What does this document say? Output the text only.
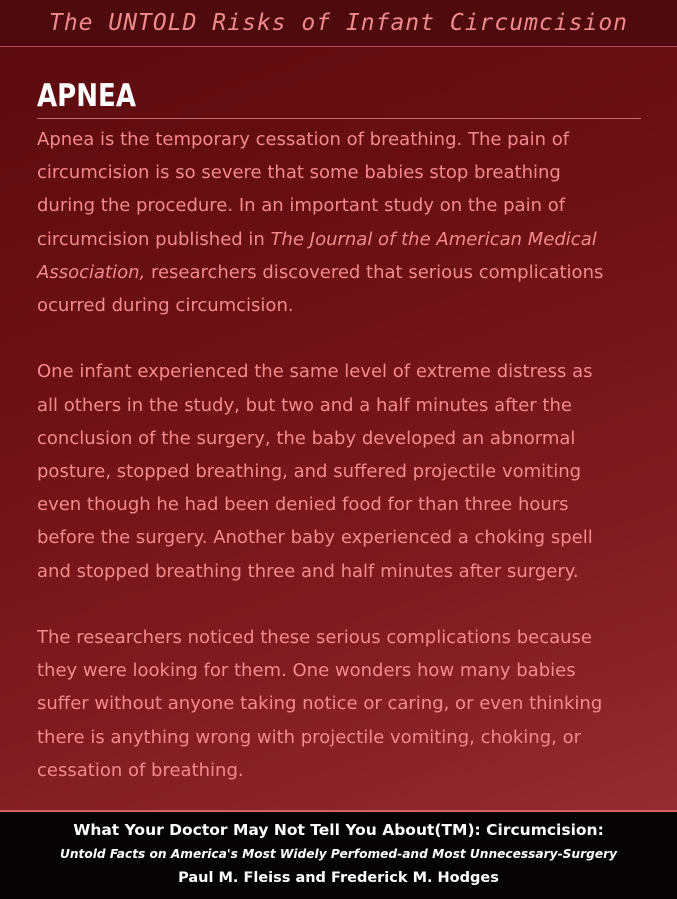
The UNTOLD Risks of Infant Circumcision
APNEA

Apnea is the temporary cessation of breathing. The pain of
circumcision is so severe that some babies stop breathing
during the procedure. In an important study on the pain of
circumcision published in The Journal of the American Medical
Association, researchers discovered that serious complications
ocurred during circumcision.

One infant experienced the same level of extreme distress as
all others in the study, but two and a half minutes after the
conclusion of the surgery, the baby developed an abnormal
posture, stopped breathing, and suffered projectile vomiting
even though he had been denied food for than three hours
before the surgery. Another baby experienced a choking spell
and stopped breathing three and half minutes after surgery.

The researchers noticed these serious complications because
they were looking for them. One wonders how many babies
suffer without anyone taking notice or caring, or even thinking
there is anything wrong with projectile vomiting, choking, or
cessation of breathing.

What Your Doctor May Not Tell You About(TM): Circumcision:
Untold Facts on America's Most Widely Perfomed-and Most Unnecessary-Surgery
Paul M. Fleiss and Frederick M. Hodges
